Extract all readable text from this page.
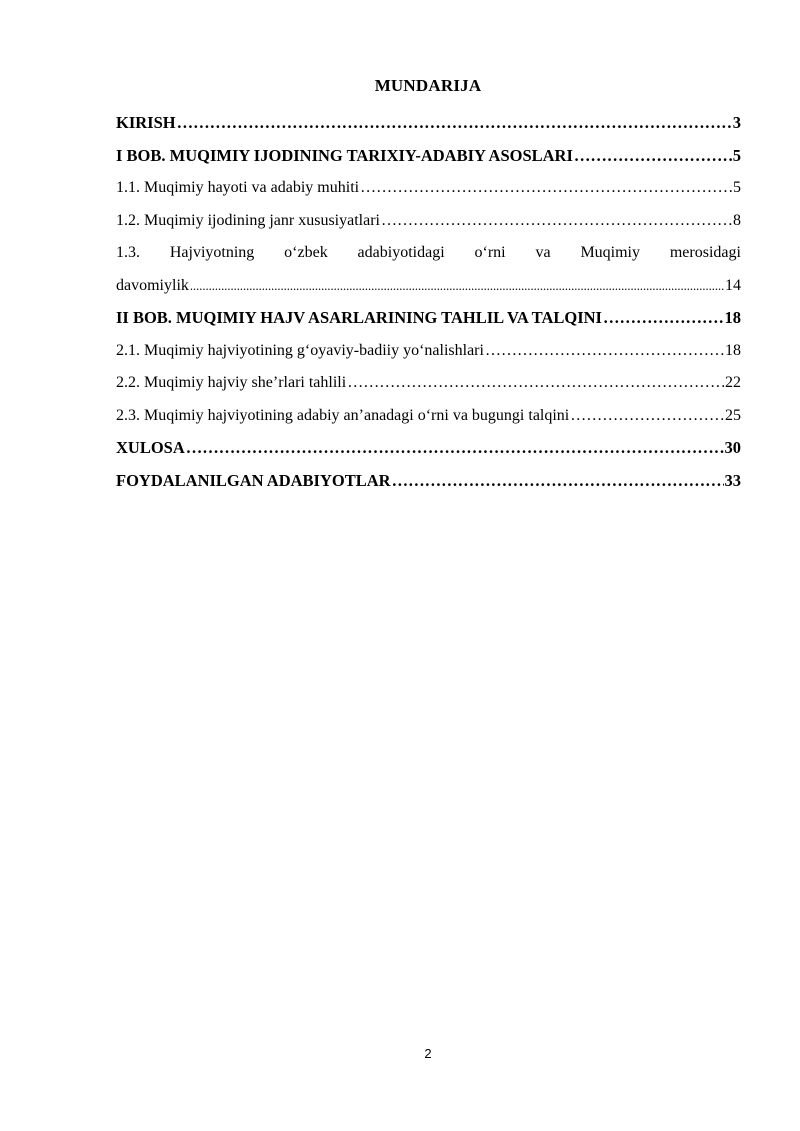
MUNDARIJA
KIRISH ……………………………………………………………………………………………………………………………………………………………………………………………	3
I BOB. MUQIMIY IJODINING TARIXIY-ADABIY ASOSLARI ……………………………………………………………………………………………………………………………………………………………………………………………	5
1.1. Muqimiy hayoti va adabiy muhiti ……………………………………………………………………………………………………………………………………………………………………………………………	5
1.2. Muqimiy ijodining janr xususiyatlari ……………………………………………………………………………………………………………………………………………………………………………………………	8
1.3. Hajviyotning o‘zbek adabiyotidagi o‘rni va Muqimiy merosidagi
davomiylik .....	14
II BOB. MUQIMIY HAJV ASARLARINING TAHLIL VA TALQINI ……………………………………………………………………………………………………………………………………………………………………………………………	18
2.1. Muqimiy hajviyotining g‘oyaviy-badiiy yo‘nalishlari ……………………………………………………………………………………………………………………………………………………………………………………………	18
2.2. Muqimiy hajviy she’rlari tahlili ……………………………………………………………………………………………………………………………………………………………………………………………	22
2.3. Muqimiy hajviyotining adabiy an’anadagi o‘rni va bugungi talqini ……………………………………………………………………………………………………………………………………………………………………………………………	25
XULOSA ……………………………………………………………………………………………………………………………………………………………………………………………	30
FOYDALANILGAN ADABIYOTLAR ……………………………………………………………………………………………………………………………………………………………………………………………	33
2
